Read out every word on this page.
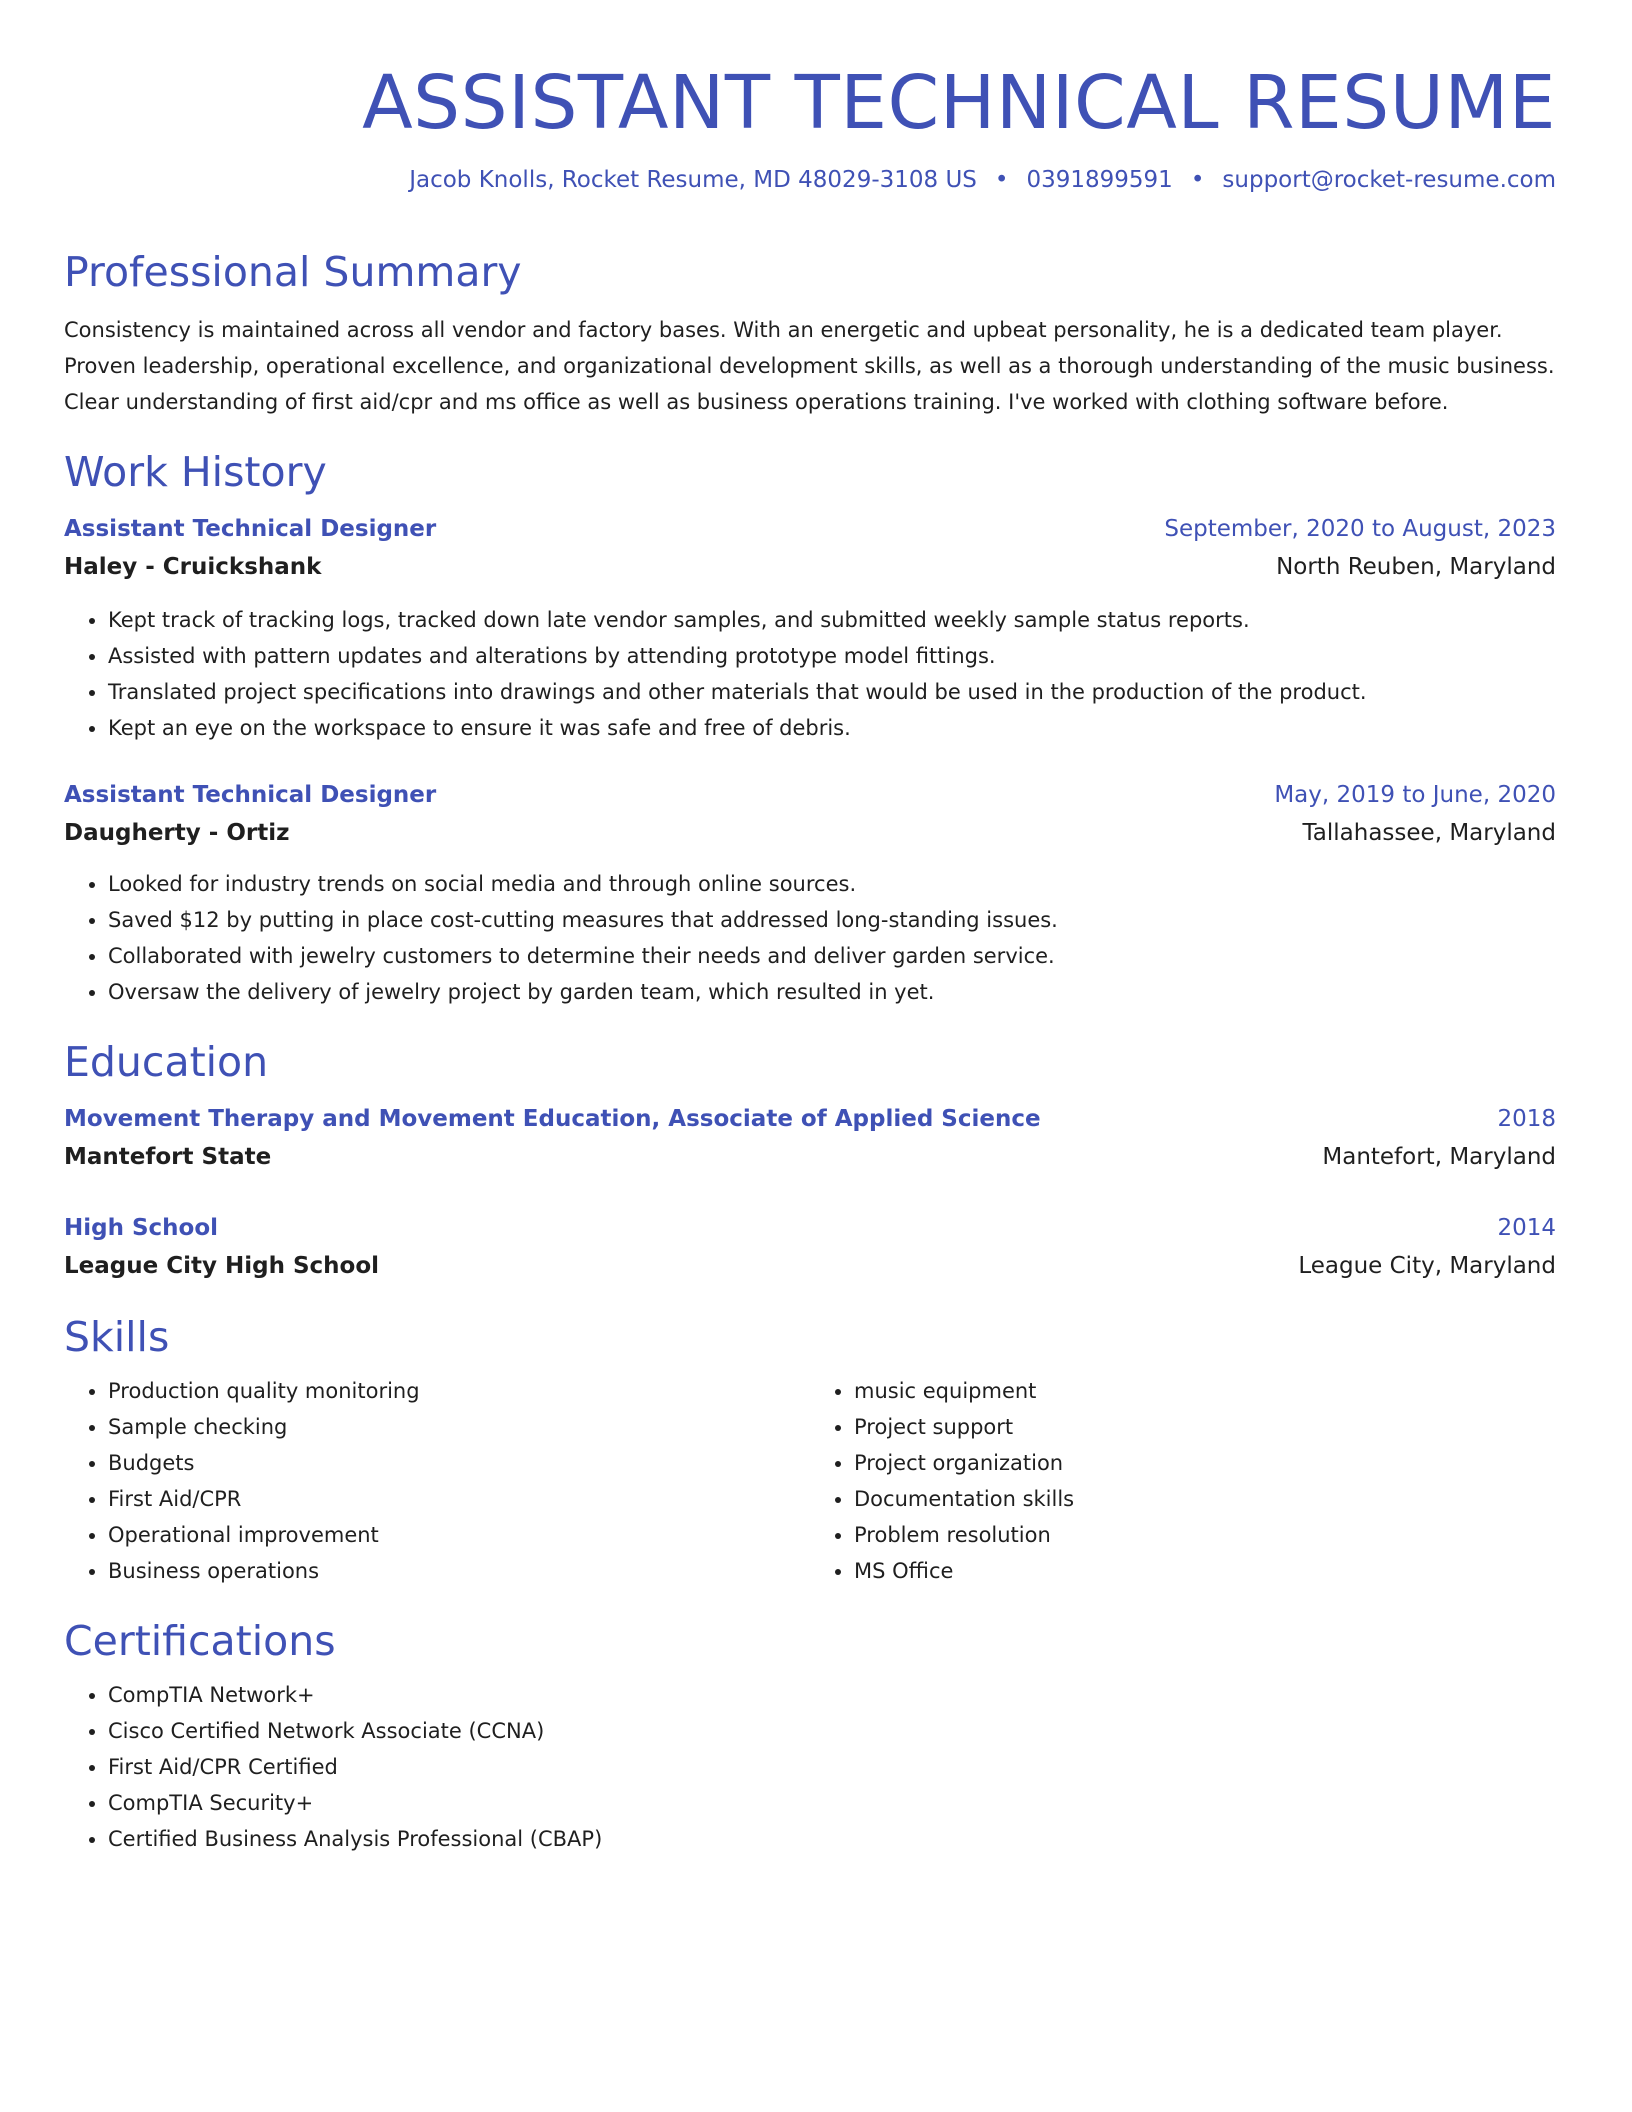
ASSISTANT TECHNICAL RESUME
Jacob Knolls, Rocket Resume, MD 48029-3108 US • 0391899591 • support@rocket-resume.com
Professional Summary
Consistency is maintained across all vendor and factory bases. With an energetic and upbeat personality, he is a dedicated team player. Proven leadership, operational excellence, and organizational development skills, as well as a thorough understanding of the music business. Clear understanding of first aid/cpr and ms office as well as business operations training. I've worked with clothing software before.
Work History
Assistant Technical Designer	September, 2020 to August, 2023
Haley - Cruickshank	North Reuben, Maryland
• Kept track of tracking logs, tracked down late vendor samples, and submitted weekly sample status reports.
• Assisted with pattern updates and alterations by attending prototype model fittings.
• Translated project specifications into drawings and other materials that would be used in the production of the product.
• Kept an eye on the workspace to ensure it was safe and free of debris.
Assistant Technical Designer	May, 2019 to June, 2020
Daugherty - Ortiz	Tallahassee, Maryland
• Looked for industry trends on social media and through online sources.
• Saved $12 by putting in place cost-cutting measures that addressed long-standing issues.
• Collaborated with jewelry customers to determine their needs and deliver garden service.
• Oversaw the delivery of jewelry project by garden team, which resulted in yet.
Education
Movement Therapy and Movement Education, Associate of Applied Science	2018
Mantefort State	Mantefort, Maryland
High School	2014
League City High School	League City, Maryland
Skills
• Production quality monitoring
• Sample checking
• Budgets
• First Aid/CPR
• Operational improvement
• Business operations
• music equipment
• Project support
• Project organization
• Documentation skills
• Problem resolution
• MS Office
Certifications
• CompTIA Network+
• Cisco Certified Network Associate (CCNA)
• First Aid/CPR Certified
• CompTIA Security+
• Certified Business Analysis Professional (CBAP)
